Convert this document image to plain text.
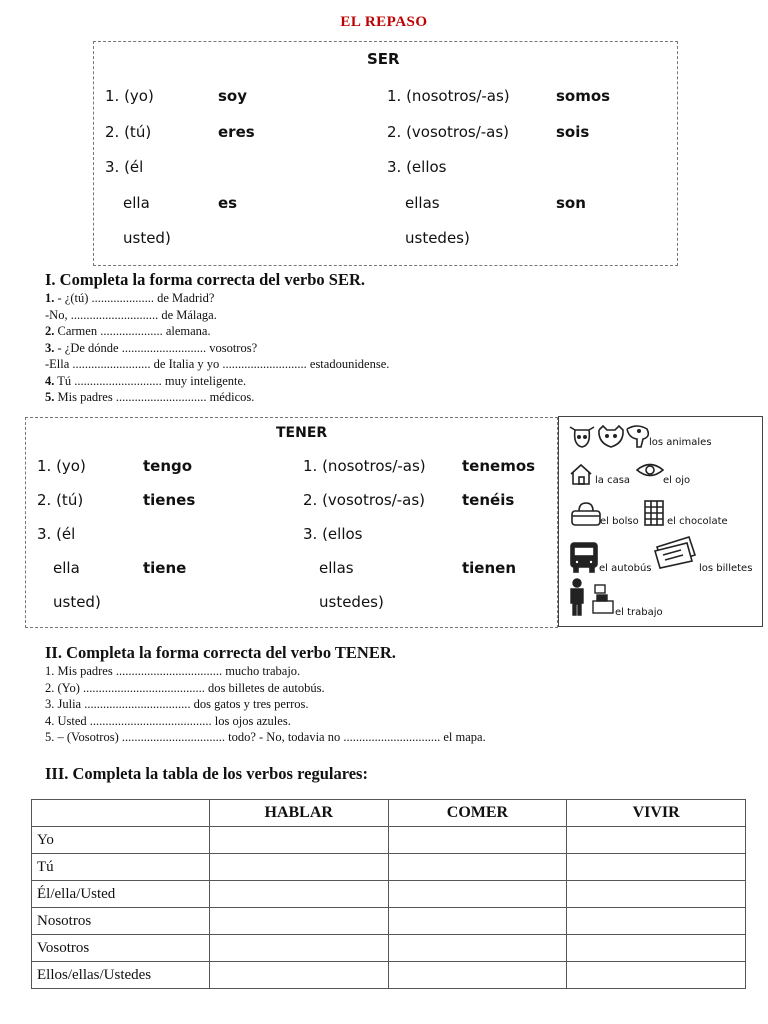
EL REPASO
SER
1. (yo)	soy	1. (nosotros/-as)	somos
2. (tú)	eres	2. (vosotros/-as)	sois
3. (él	3. (ellos
ella	es	ellas	son
usted)	ustedes)
I. Completa la forma correcta del verbo SER.
1. - ¿(tú) .................... de Madrid?
-No, ............................ de Málaga.
2. Carmen .................... alemana.
3. - ¿De dónde ........................... vosotros?
-Ella ......................... de Italia y yo ........................... estadounidense.
4. Tú ............................ muy inteligente.
5. Mis padres ............................. médicos.
TENER
1. (yo)	tengo	1. (nosotros/-as) tenemos
2. (tú)	tienes	2. (vosotros/-as) tenéis
3. (él	3. (ellos
ella	tiene	ellas	tienen
usted)	ustedes)
los animales
la casa	el ojo
el bolso	el chocolate
el autobús	los billetes
el trabajo
II. Completa la forma correcta del verbo TENER.
1. Mis padres .................................. mucho trabajo.
2. (Yo) ....................................... dos billetes de autobús.
3. Julia .................................. dos gatos y tres perros.
4. Usted ....................................... los ojos azules.
5. – (Vosotros) ................................. todo? - No, todavia no ............................... el mapa.
III. Completa la tabla de los verbos regulares:
	HABLAR	COMER	VIVIR
Yo			
Tú			
Él/ella/Usted			
Nosotros			
Vosotros			
Ellos/ellas/Ustedes			
